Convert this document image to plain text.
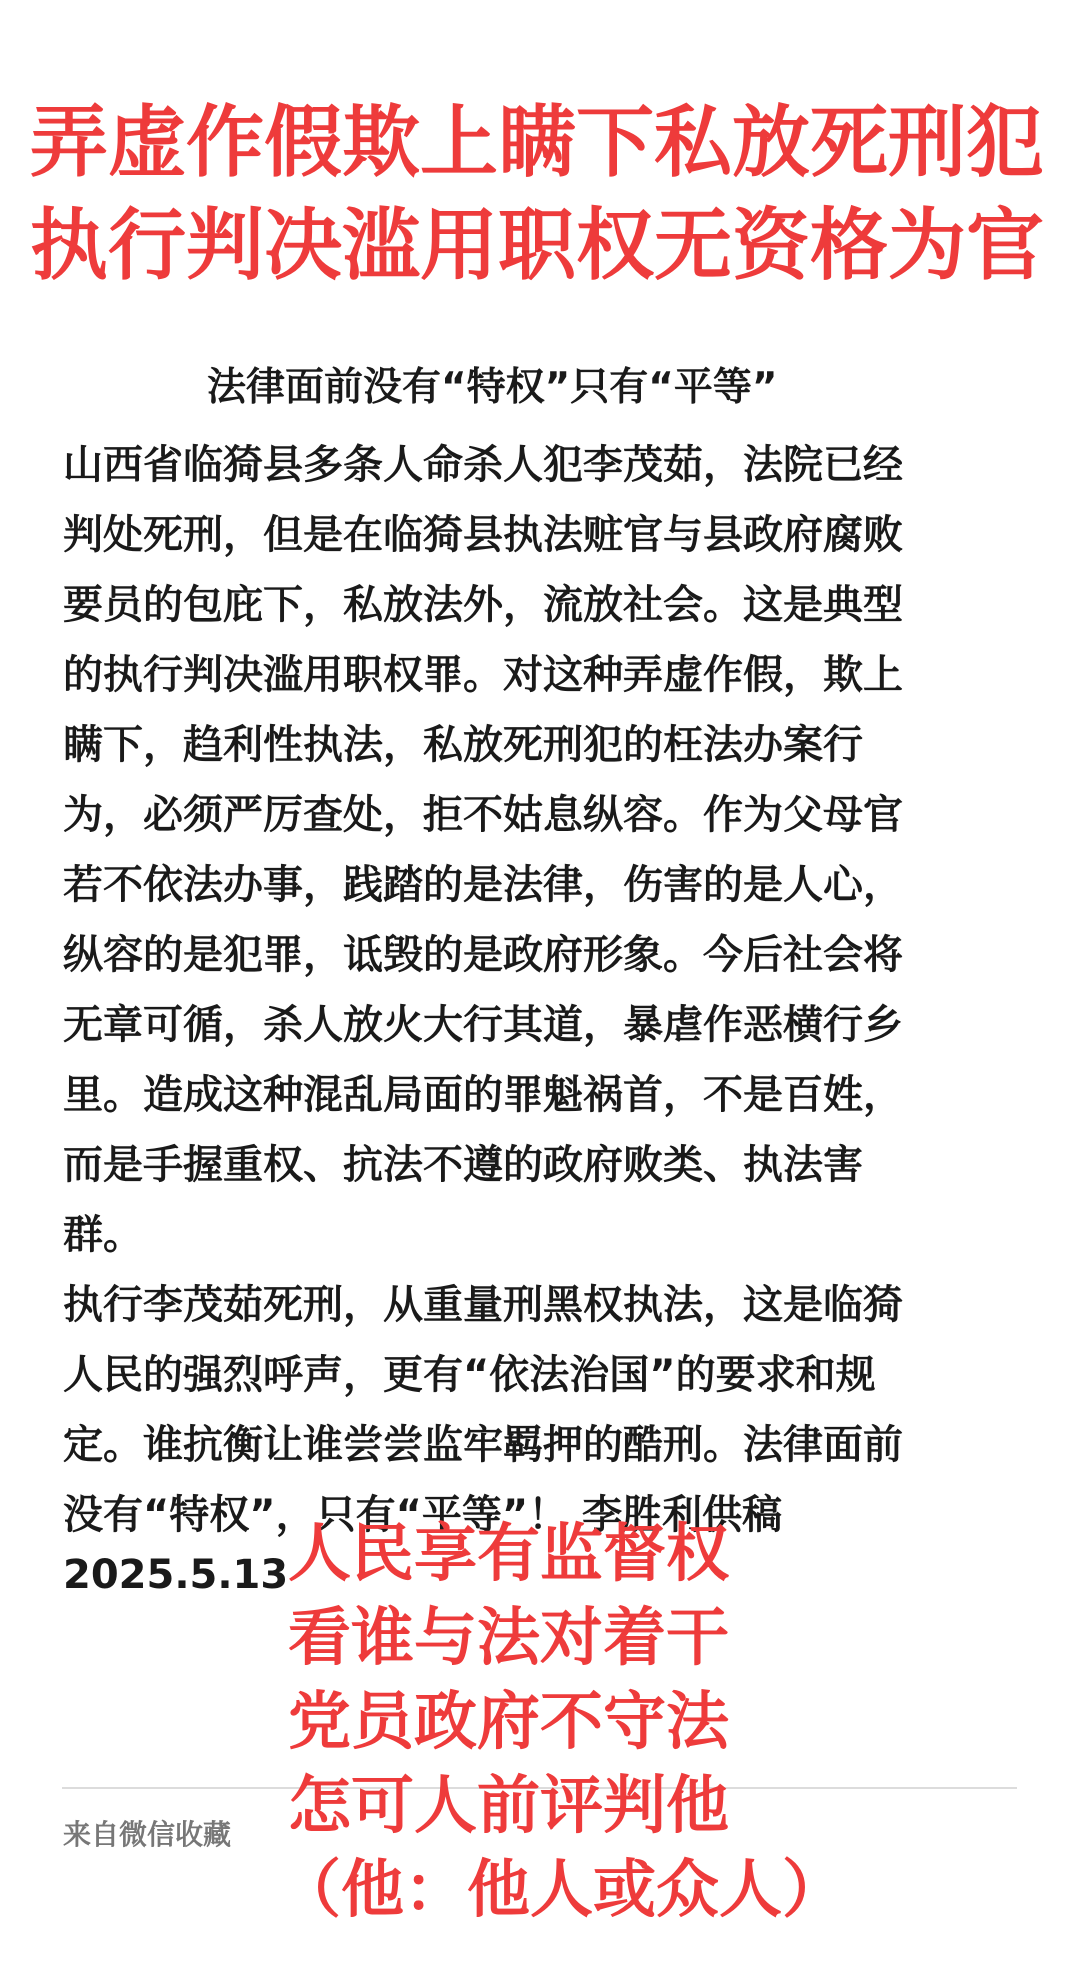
弄虚作假欺上瞒下私放死刑犯
执行判决滥用职权无资格为官
法律面前没有“特权”只有“平等”
山西省临猗县多条人命杀人犯李茂茹，法院已经
判处死刑，但是在临猗县执法赃官与县政府腐败
要员的包庇下，私放法外，流放社会。这是典型
的执行判决滥用职权罪。对这种弄虚作假，欺上
瞒下，趋利性执法，私放死刑犯的枉法办案行
为，必须严厉查处，拒不姑息纵容。作为父母官
若不依法办事，践踏的是法律，伤害的是人心，
纵容的是犯罪，诋毁的是政府形象。今后社会将
无章可循，杀人放火大行其道，暴虐作恶横行乡
里。造成这种混乱局面的罪魁祸首，不是百姓，
而是手握重权、抗法不遵的政府败类、执法害
群。
执行李茂茹死刑，从重量刑黑权执法，这是临猗
人民的强烈呼声，更有“依法治国”的要求和规
定。谁抗衡让谁尝尝监牢羁押的酷刑。法律面前
没有“特权”，只有“平等”！ 李胜利供稿
2025.5.13
来自微信收藏
人民享有监督权
看谁与法对着干
党员政府不守法
怎可人前评判他
（他：他人或众人）
